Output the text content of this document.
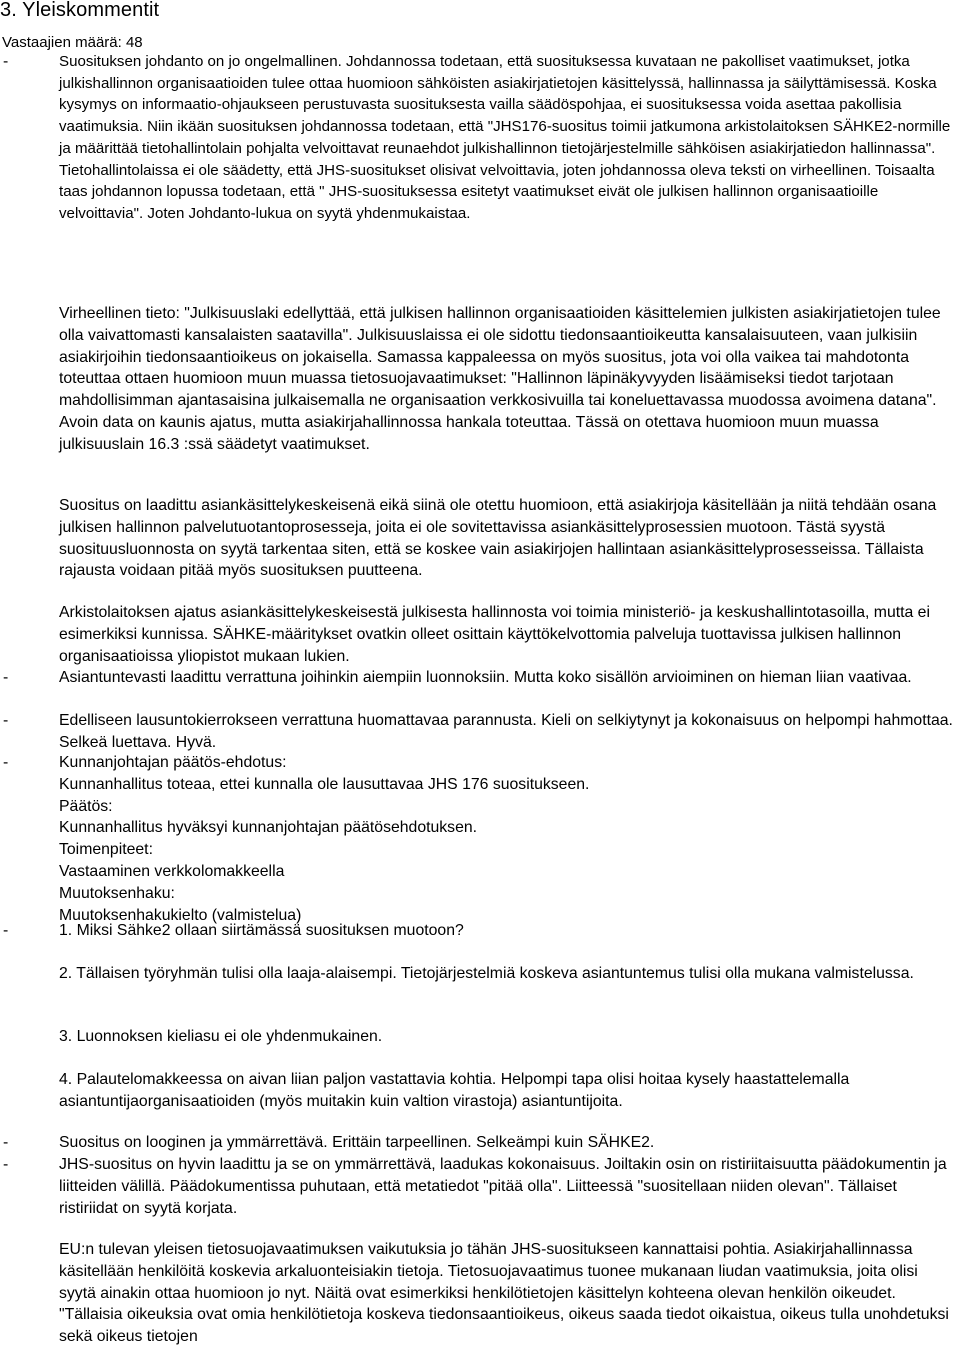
3. Yleiskommentit
Vastaajien määrä: 48
-	Suosituksen johdanto on jo ongelmallinen. Johdannossa todetaan, että suosituksessa kuvataan ne pakolliset vaatimukset, jotka julkishallinnon organisaatioiden tulee ottaa huomioon sähköisten asiakirjatietojen käsittelyssä, hallinnassa ja säilyttämisessä. Koska kysymys on informaatio-ohjaukseen perustuvasta suosituksesta vailla säädöspohjaa, ei suosituksessa voida asettaa pakollisia vaatimuksia. Niin ikään suosituksen johdannossa todetaan, että "JHS176-suositus toimii jatkumona arkistolaitoksen SÄHKE2-normille ja määrittää tietohallintolain pohjalta velvoittavat reunaehdot julkishallinnon tietojärjestelmille sähköisen asiakirjatiedon hallinnassa". Tietohallintolaissa ei ole säädetty, että JHS-suositukset olisivat velvoittavia, joten johdannossa oleva teksti on virheellinen. Toisaalta taas johdannon lopussa todetaan, että " JHS-suosituksessa esitetyt vaatimukset eivät ole julkisen hallinnon organisaatioille velvoittavia". Joten Johdanto-lukua on syytä yhdenmukaistaa.
Virheellinen tieto: "Julkisuuslaki edellyttää, että julkisen hallinnon organisaatioiden käsittelemien julkisten asiakirjatietojen tulee olla vaivattomasti kansalaisten saatavilla". Julkisuuslaissa ei ole sidottu tiedonsaantioikeutta kansalaisuuteen, vaan julkisiin asiakirjoihin tiedonsaantioikeus on jokaisella. Samassa kappaleessa on myös suositus, jota voi olla vaikea tai mahdotonta toteuttaa ottaen huomioon muun muassa tietosuojavaatimukset: "Hallinnon läpinäkyvyyden lisäämiseksi tiedot tarjotaan mahdollisimman ajantasaisina julkaisemalla ne organisaation verkkosivuilla tai koneluettavassa muodossa avoimena datana". Avoin data on kaunis ajatus, mutta asiakirjahallinnossa hankala toteuttaa. Tässä on otettava huomioon muun muassa julkisuuslain 16.3 :ssä säädetyt vaatimukset.
Suositus on laadittu asiankäsittelykeskeisenä eikä siinä ole otettu huomioon, että asiakirjoja käsitellään ja niitä tehdään osana julkisen hallinnon palvelutuotantoprosesseja, joita ei ole sovitettavissa asiankäsittelyprosessien muotoon. Tästä syystä suosituusluonnosta on syytä tarkentaa siten, että se koskee vain asiakirjojen hallintaan asiankäsittelyprosesseissa. Tällaista rajausta voidaan pitää myös suosituksen puutteena.
Arkistolaitoksen ajatus asiankäsittelykeskeisestä julkisesta hallinnosta voi toimia ministeriö- ja keskushallintotasoilla, mutta ei esimerkiksi kunnissa. SÄHKE-määritykset ovatkin olleet osittain käyttökelvottomia palveluja tuottavissa julkisen hallinnon organisaatioissa yliopistot mukaan lukien.
-	Asiantuntevasti laadittu verrattuna joihinkin aiempiin luonnoksiin. Mutta koko sisällön arvioiminen on hieman liian vaativaa.
-	Edelliseen lausuntokierrokseen verrattuna huomattavaa parannusta. Kieli on selkiytynyt ja kokonaisuus on helpompi hahmottaa. Selkeä luettava. Hyvä.
-	Kunnanjohtajan päätös-ehdotus:
Kunnanhallitus toteaa, ettei kunnalla ole lausuttavaa JHS 176 suositukseen.
Päätös:
Kunnanhallitus hyväksyi kunnanjohtajan päätösehdotuksen.
Toimenpiteet:
Vastaaminen verkkolomakkeella
Muutoksenhaku:
Muutoksenhakukielto (valmistelua)
-	1. Miksi Sähke2 ollaan siirtämässä suosituksen muotoon?
2. Tällaisen työryhmän tulisi olla laaja-alaisempi. Tietojärjestelmiä koskeva asiantuntemus tulisi olla mukana valmistelussa.
3. Luonnoksen kieliasu ei ole yhdenmukainen.
4. Palautelomakkeessa on aivan liian paljon vastattavia kohtia. Helpompi tapa olisi hoitaa kysely haastattelemalla asiantuntijaorganisaatioiden (myös muitakin kuin valtion virastoja) asiantuntijoita.
-	Suositus on looginen ja ymmärrettävä. Erittäin tarpeellinen. Selkeämpi kuin SÄHKE2.
-	JHS-suositus on hyvin laadittu ja se on ymmärrettävä, laadukas kokonaisuus. Joiltakin osin on ristiriitaisuutta päädokumentin ja liitteiden välillä. Päädokumentissa puhutaan, että metatiedot "pitää olla". Liitteessä "suositellaan niiden olevan". Tällaiset ristiriidat on syytä korjata.
EU:n tulevan yleisen tietosuojavaatimuksen vaikutuksia jo tähän JHS-suositukseen kannattaisi pohtia. Asiakirjahallinnassa käsitellään henkilöitä koskevia arkaluonteisiakin tietoja. Tietosuojavaatimus tuonee mukanaan liudan vaatimuksia, joita olisi syytä ainakin ottaa huomioon jo nyt. Näitä ovat esimerkiksi henkilötietojen käsittelyn kohteena olevan henkilön oikeudet. "Tällaisia oikeuksia ovat omia henkilötietoja koskeva tiedonsaantioikeus, oikeus saada tiedot oikaistua, oikeus tulla unohdetuksi sekä oikeus tietojen
